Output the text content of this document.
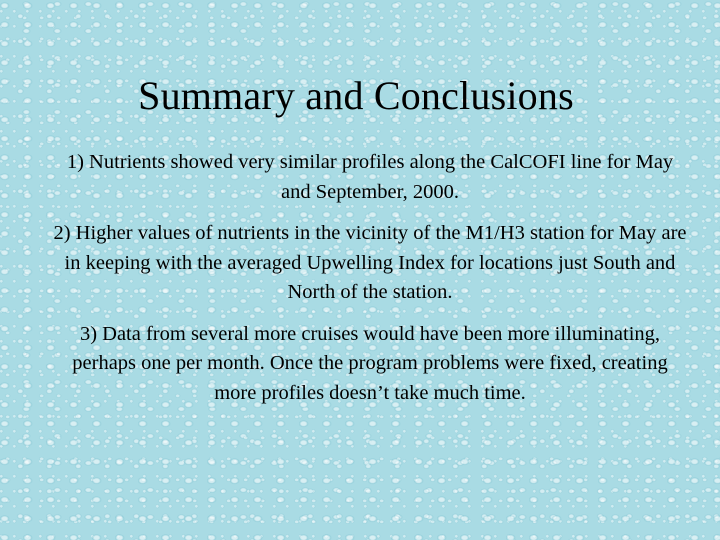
Summary and Conclusions
1) Nutrients showed very similar profiles along the CalCOFI line for May and September, 2000.
2) Higher values of nutrients in the vicinity of the M1/H3 station for May are in keeping with the averaged Upwelling Index for locations just South and North of the station.
3) Data from several more cruises would have been more illuminating, perhaps one per month. Once the program problems were fixed, creating more profiles doesn’t take much time.
